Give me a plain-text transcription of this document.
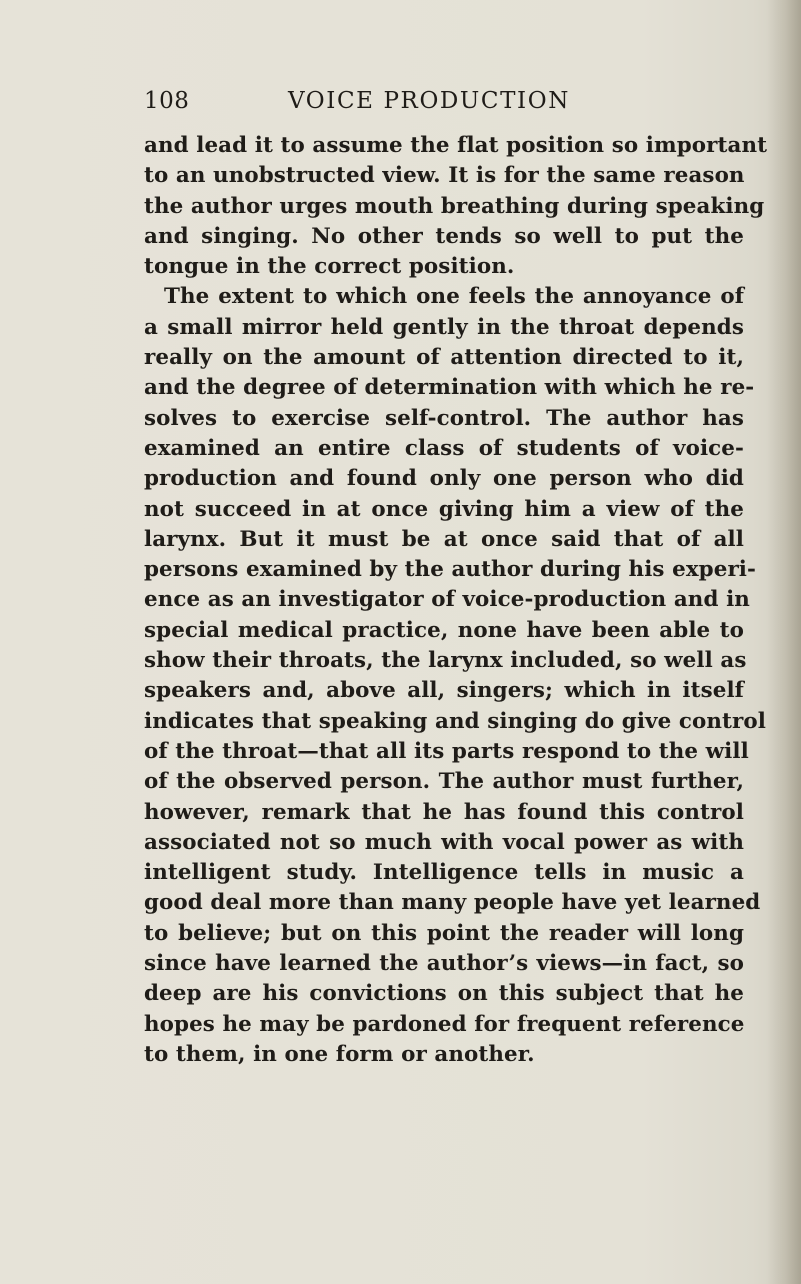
108	VOICE PRODUCTION
and lead it to assume the flat position so important
to an unobstructed view. It is for the same reason
the author urges mouth breathing during speaking
and singing. No other tends so well to put the
tongue in the correct position.
The extent to which one feels the annoyance of
a small mirror held gently in the throat depends
really on the amount of attention directed to it,
and the degree of determination with which he re-
solves to exercise self-control. The author has
examined an entire class of students of voice-
production and found only one person who did
not succeed in at once giving him a view of the
larynx. But it must be at once said that of all
persons examined by the author during his experi-
ence as an investigator of voice-production and in
special medical practice, none have been able to
show their throats, the larynx included, so well as
speakers and, above all, singers; which in itself
indicates that speaking and singing do give control
of the throat—that all its parts respond to the will
of the observed person. The author must further,
however, remark that he has found this control
associated not so much with vocal power as with
intelligent study. Intelligence tells in music a
good deal more than many people have yet learned
to believe; but on this point the reader will long
since have learned the author’s views—in fact, so
deep are his convictions on this subject that he
hopes he may be pardoned for frequent reference
to them, in one form or another.
